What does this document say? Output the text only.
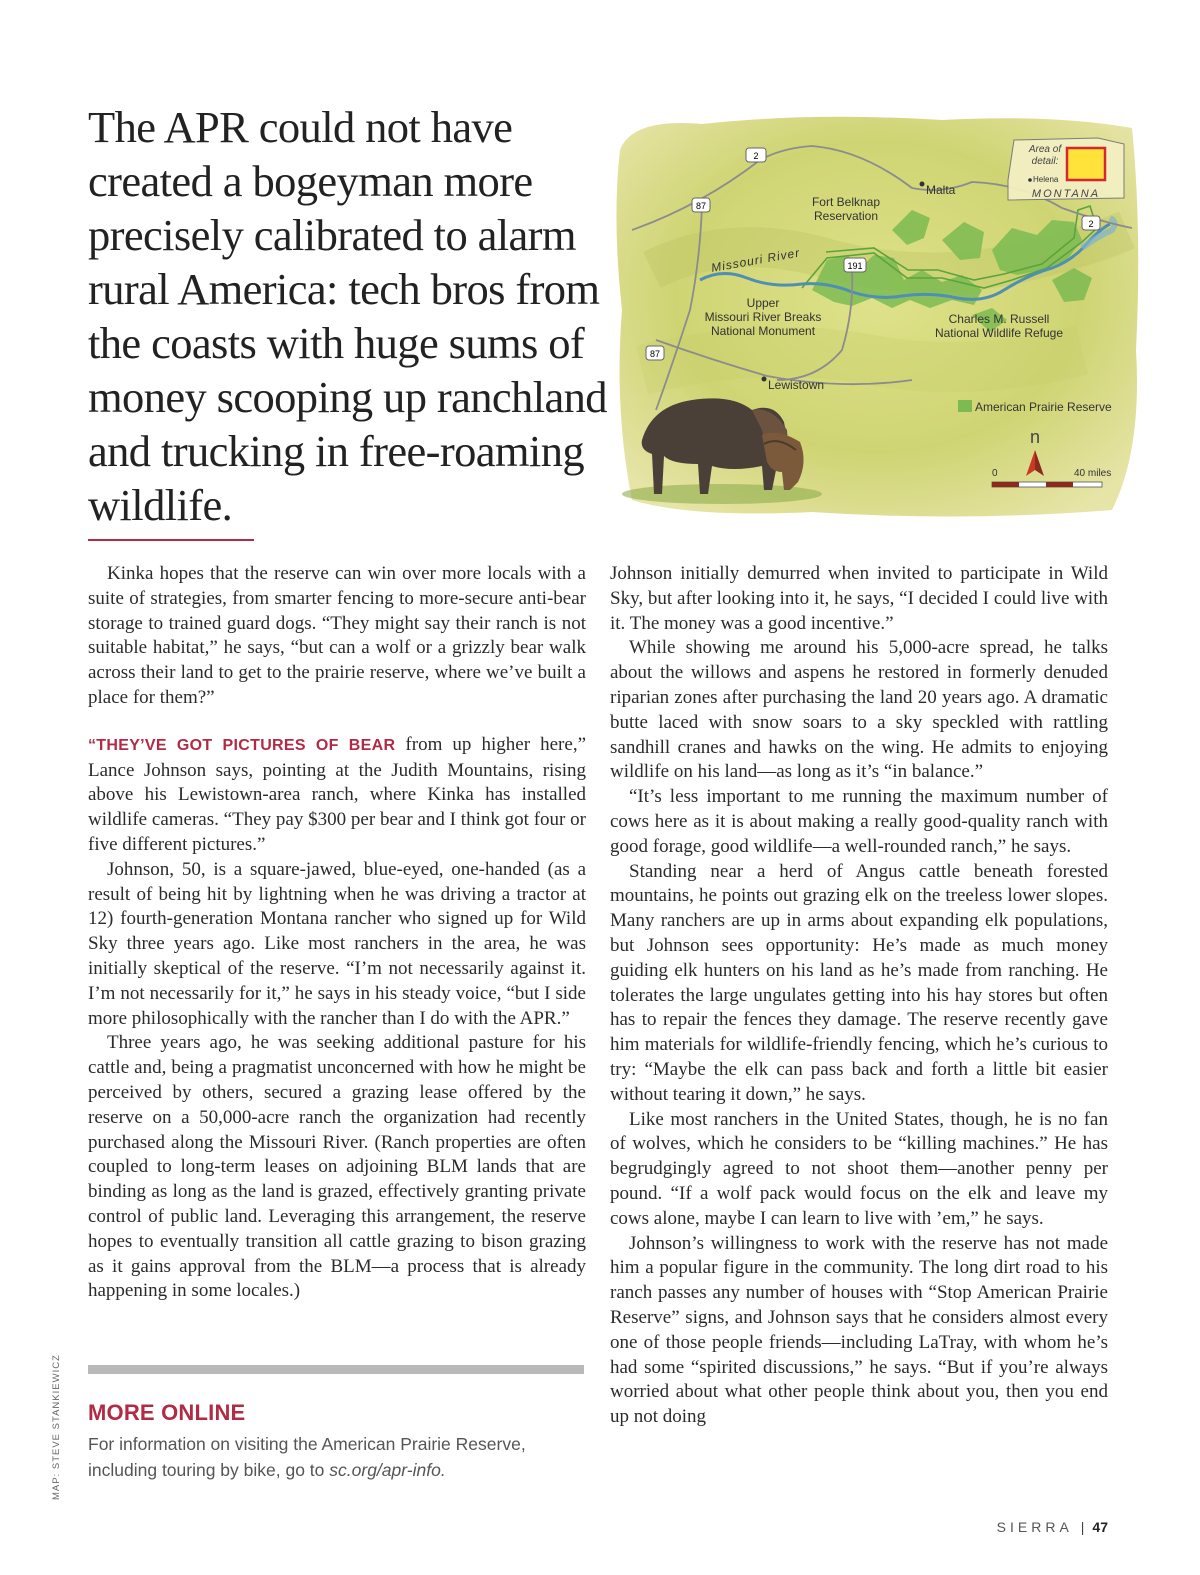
The APR could not have created a bogeyman more precisely calibrated to alarm rural America: tech bros from the coasts with huge sums of money scooping up ranchland and trucking in free-roaming wildlife.
2
87
191
87
2
Malta
Fort Belknap
Reservation
Missouri River
Upper
Missouri River Breaks
National Monument
Charles M. Russell
National Wildlife Refuge
Lewistown
Area of
detail:
Helena
MONTANA
American Prairie Reserve
n
0	40 miles

Kinka hopes that the reserve can win over more locals with a suite of strategies, from smarter fencing to more-secure anti-bear storage to trained guard dogs. “They might say their ranch is not suitable habitat,” he says, “but can a wolf or a grizzly bear walk across their land to get to the prairie reserve, where we’ve built a place for them?”

“THEY’VE GOT PICTURES OF BEAR from up higher here,” Lance Johnson says, pointing at the Judith Mountains, rising above his Lewistown-area ranch, where Kinka has installed wildlife cameras. “They pay $300 per bear and I think got four or five different pictures.”

Johnson, 50, is a square-jawed, blue-eyed, one-handed (as a result of being hit by lightning when he was driving a tractor at 12) fourth-generation Montana rancher who signed up for Wild Sky three years ago. Like most ranchers in the area, he was initially skeptical of the reserve. “I’m not necessarily against it. I’m not necessarily for it,” he says in his steady voice, “but I side more philosophically with the rancher than I do with the APR.”

Three years ago, he was seeking additional pasture for his cattle and, being a pragmatist unconcerned with how he might be perceived by others, secured a grazing lease offered by the reserve on a 50,000-acre ranch the organization had recently purchased along the Missouri River. (Ranch properties are often coupled to long-term leases on adjoining BLM lands that are binding as long as the land is grazed, effectively granting private control of public land. Leveraging this arrangement, the reserve hopes to eventually transition all cattle grazing to bison grazing as it gains approval from the BLM—a process that is already happening in some locales.)

Johnson initially demurred when invited to participate in Wild Sky, but after looking into it, he says, “I decided I could live with it. The money was a good incentive.”

While showing me around his 5,000-acre spread, he talks about the willows and aspens he restored in formerly denuded riparian zones after purchasing the land 20 years ago. A dramatic butte laced with snow soars to a sky speckled with rattling sandhill cranes and hawks on the wing. He admits to enjoying wildlife on his land—as long as it’s “in balance.”

“It’s less important to me running the maximum number of cows here as it is about making a really good-quality ranch with good forage, good wildlife—a well-rounded ranch,” he says.

Standing near a herd of Angus cattle beneath forested mountains, he points out grazing elk on the treeless lower slopes. Many ranchers are up in arms about expanding elk populations, but Johnson sees opportunity: He’s made as much money guiding elk hunters on his land as he’s made from ranching. He tolerates the large ungulates getting into his hay stores but often has to repair the fences they damage. The reserve recently gave him materials for wildlife-friendly fencing, which he’s curious to try: “Maybe the elk can pass back and forth a little bit easier without tearing it down,” he says.

Like most ranchers in the United States, though, he is no fan of wolves, which he considers to be “killing machines.” He has begrudgingly agreed to not shoot them—another penny per pound. “If a wolf pack would focus on the elk and leave my cows alone, maybe I can learn to live with ’em,” he says.

Johnson’s willingness to work with the reserve has not made him a popular figure in the community. The long dirt road to his ranch passes any number of houses with “Stop American Prairie Reserve” signs, and Johnson says that he considers almost every one of those people friends—including LaTray, with whom he’s had some “spirited discussions,” he says. “But if you’re always worried about what other people think about you, then you end up not doing

MORE ONLINE
For information on visiting the American Prairie Reserve, including touring by bike, go to sc.org/apr-info.
MAP: STEVE STANKIEWICZ
SIERRA | 47
